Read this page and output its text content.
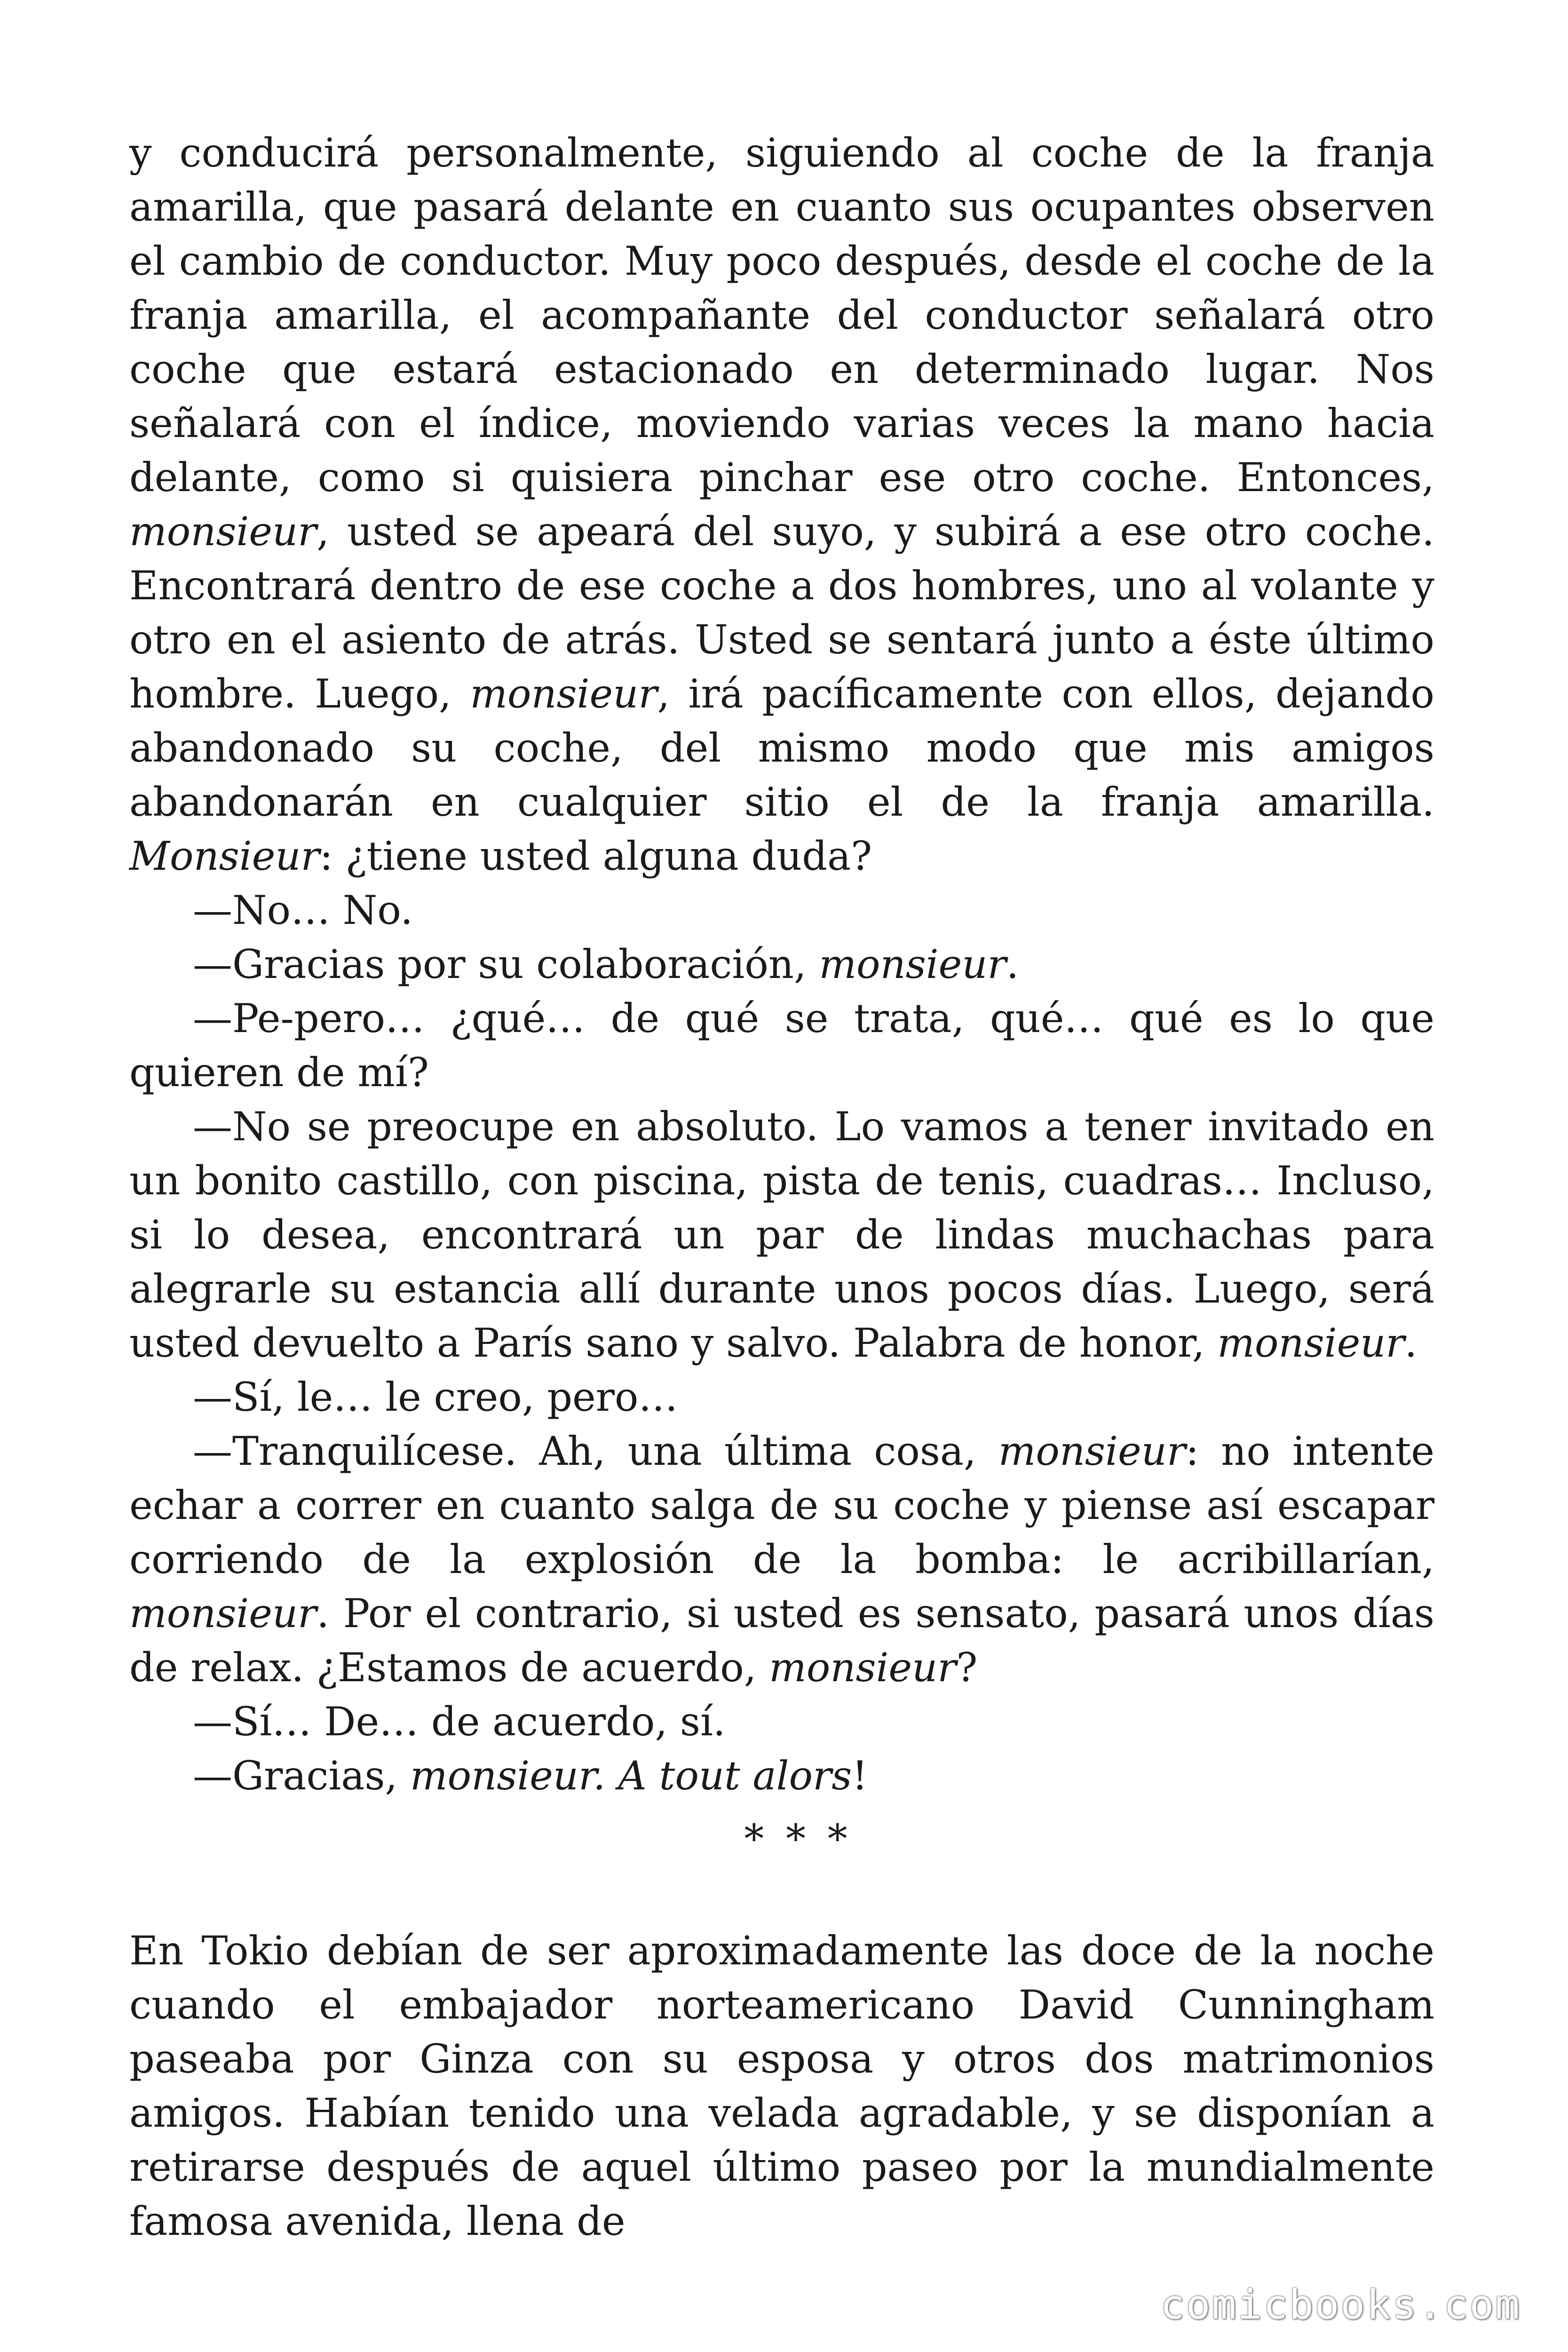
y conducirá personalmente, siguiendo al coche de la franja amarilla, que pasará delante en cuanto sus ocupantes observen el cambio de conductor. Muy poco después, desde el coche de la franja amarilla, el acompañante del conductor señalará otro coche que estará estacionado en determinado lugar. Nos señalará con el índice, moviendo varias veces la mano hacia delante, como si quisiera pinchar ese otro coche. Entonces, monsieur, usted se apeará del suyo, y subirá a ese otro coche. Encontrará dentro de ese coche a dos hombres, uno al volante y otro en el asiento de atrás. Usted se sentará junto a éste último hombre. Luego, monsieur, irá pacíficamente con ellos, dejando abandonado su coche, del mismo modo que mis amigos abandonarán en cualquier sitio el de la franja amarilla. Monsieur: ¿tiene usted alguna duda?

—No… No.

—Gracias por su colaboración, monsieur.

—Pe-pero… ¿qué… de qué se trata, qué… qué es lo que quieren de mí?

—No se preocupe en absoluto. Lo vamos a tener invitado en un bonito castillo, con piscina, pista de tenis, cuadras… Incluso, si lo desea, encontrará un par de lindas muchachas para alegrarle su estancia allí durante unos pocos días. Luego, será usted devuelto a París sano y salvo. Palabra de honor, monsieur.

—Sí, le… le creo, pero…

—Tranquilícese. Ah, una última cosa, monsieur: no intente echar a correr en cuanto salga de su coche y piense así escapar corriendo de la explosión de la bomba: le acribillarían, monsieur. Por el contrario, si usted es sensato, pasará unos días de relax. ¿Estamos de acuerdo, monsieur?

—Sí… De… de acuerdo, sí.

—Gracias, monsieur. A tout alors!

* * *

En Tokio debían de ser aproximadamente las doce de la noche cuando el embajador norteamericano David Cunningham paseaba por Ginza con su esposa y otros dos matrimonios amigos. Habían tenido una velada agradable, y se disponían a retirarse después de aquel último paseo por la mundialmente famosa avenida, llena de

comicbooks.com
